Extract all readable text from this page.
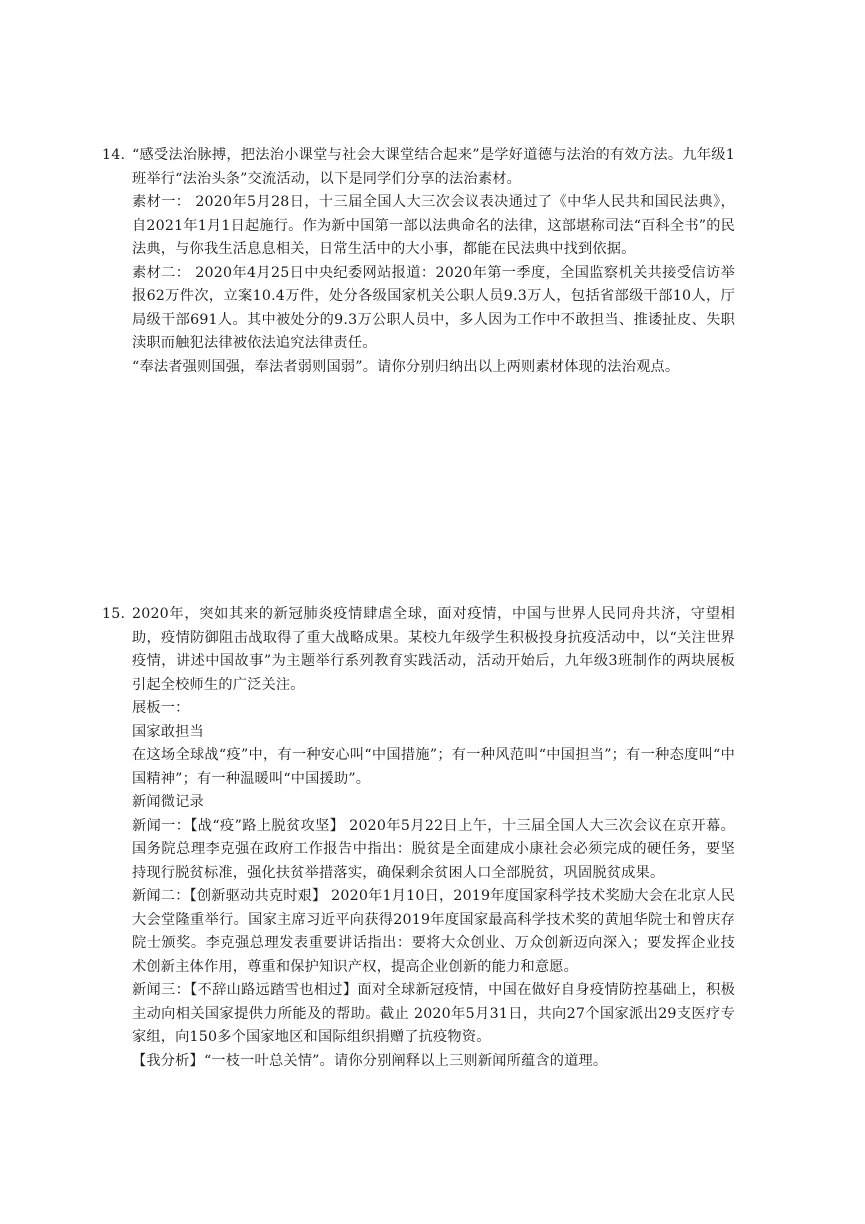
14. “感受法治脉搏，把法治小课堂与社会大课堂结合起来”是学好道德与法治的有效方法。九年级1班举行“法治头条”交流活动，以下是同学们分享的法治素材。

素材一： 2020年5月28日，十三届全国人大三次会议表决通过了《中华人民共和国民法典》，自2021年1月1日起施行。作为新中国第一部以法典命名的法律，这部堪称司法“百科全书”的民法典，与你我生活息息相关，日常生活中的大小事，都能在民法典中找到依据。

素材二： 2020年4月25日中央纪委网站报道：2020年第一季度，全国监察机关共接受信访举报62万件次，立案10.4万件，处分各级国家机关公职人员9.3万人，包括省部级干部10人，厅局级干部691人。其中被处分的9.3万公职人员中，多人因为工作中不敢担当、推诿扯皮、失职渎职而触犯法律被依法追究法律责任。

“奉法者强则国强，奉法者弱则国弱”。请你分别归纳出以上两则素材体现的法治观点。

15. 2020年，突如其来的新冠肺炎疫情肆虐全球，面对疫情，中国与世界人民同舟共济，守望相助，疫情防御阻击战取得了重大战略成果。某校九年级学生积极投身抗疫活动中，以“关注世界疫情，讲述中国故事”为主题举行系列教育实践活动，活动开始后，九年级3班制作的两块展板引起全校师生的广泛关注。

展板一：

国家敢担当

在这场全球战“疫”中，有一种安心叫“中国措施”；有一种风范叫“中国担当”；有一种态度叫“中国精神”；有一种温暖叫“中国援助”。

新闻微记录

新闻一：【战“疫”路上脱贫攻坚】 2020年5月22日上午，十三届全国人大三次会议在京开幕。国务院总理李克强在政府工作报告中指出：脱贫是全面建成小康社会必须完成的硬任务，要坚持现行脱贫标准，强化扶贫举措落实，确保剩余贫困人口全部脱贫，巩固脱贫成果。

新闻二：【创新驱动共克时艰】 2020年1月10日，2019年度国家科学技术奖励大会在北京人民大会堂隆重举行。国家主席习近平向获得2019年度国家最高科学技术奖的黄旭华院士和曾庆存院士颁奖。李克强总理发表重要讲话指出：要将大众创业、万众创新迈向深入；要发挥企业技术创新主体作用，尊重和保护知识产权，提高企业创新的能力和意愿。

新闻三：【不辞山路远踏雪也相过】面对全球新冠疫情，中国在做好自身疫情防控基础上，积极主动向相关国家提供力所能及的帮助。截止 2020年5月31日，共向27个国家派出29支医疗专家组，向150多个国家地区和国际组织捐赠了抗疫物资。

【我分析】“一枝一叶总关情”。请你分别阐释以上三则新闻所蕴含的道理。
